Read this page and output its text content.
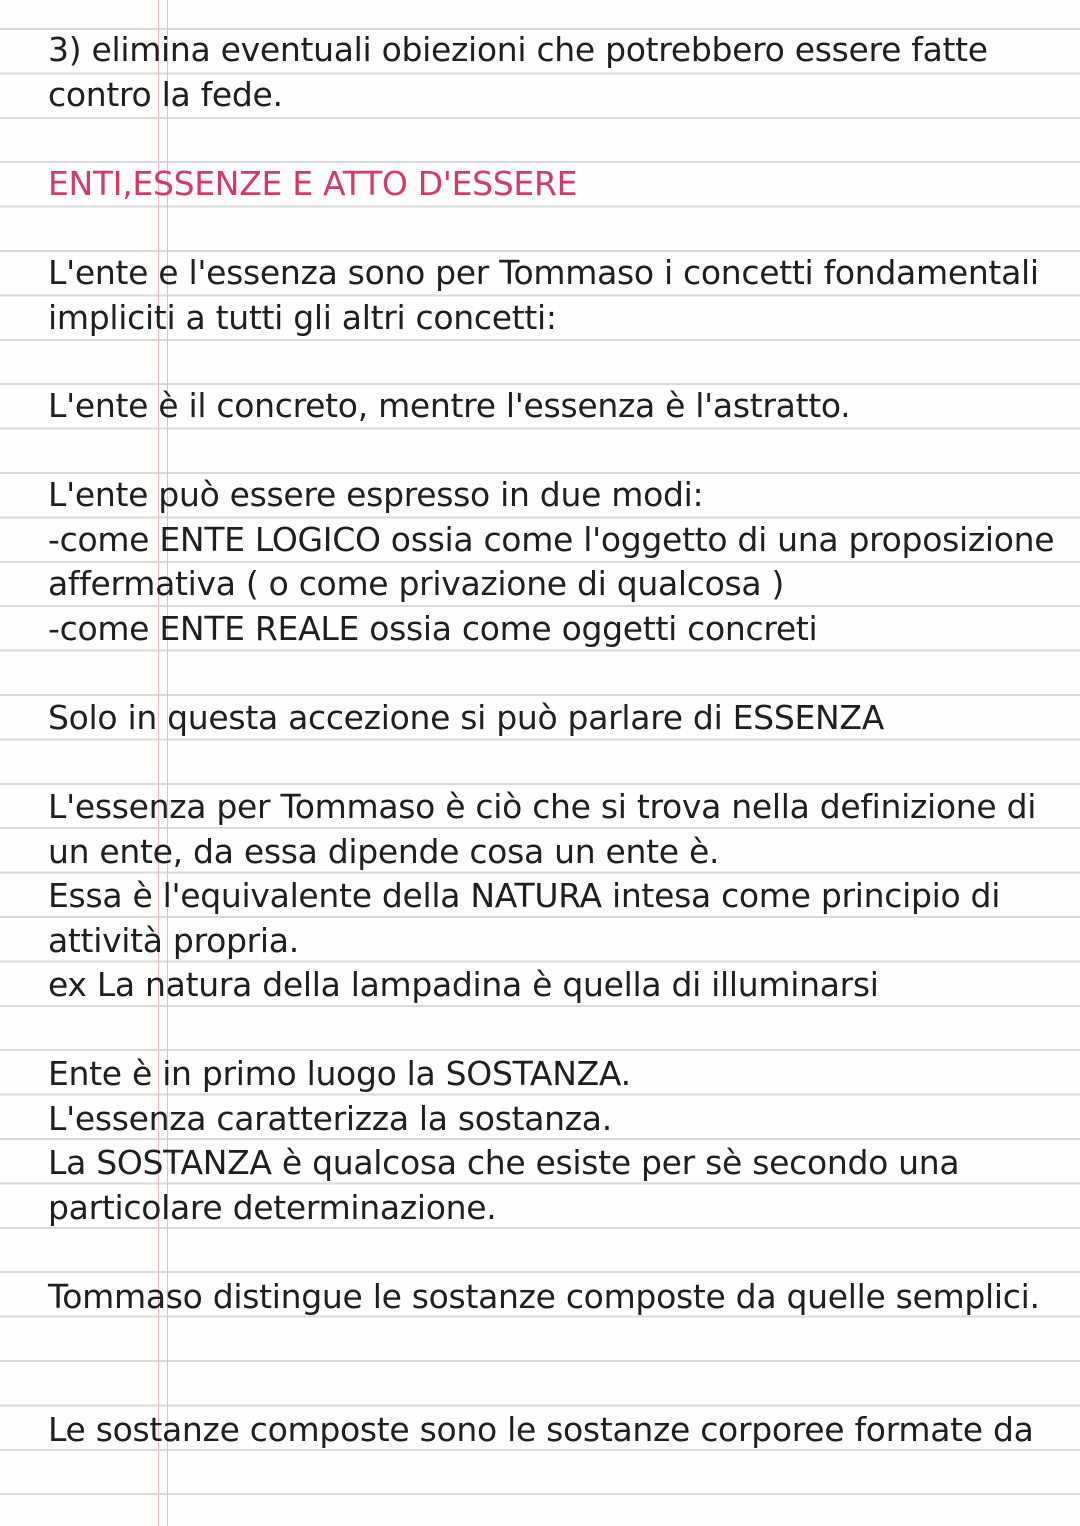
3) elimina eventuali obiezioni che potrebbero essere fatte
contro la fede.
ENTI,ESSENZE E ATTO D'ESSERE
L'ente e l'essenza sono per Tommaso i concetti fondamentali
impliciti a tutti gli altri concetti:
L'ente è il concreto, mentre l'essenza è l'astratto.
L'ente può essere espresso in due modi:
-come ENTE LOGICO ossia come l'oggetto di una proposizione
affermativa ( o come privazione di qualcosa )
-come ENTE REALE ossia come oggetti concreti
Solo in questa accezione si può parlare di ESSENZA
L'essenza per Tommaso è ciò che si trova nella definizione di
un ente, da essa dipende cosa un ente è.
Essa è l'equivalente della NATURA intesa come principio di
attività propria.
ex La natura della lampadina è quella di illuminarsi
Ente è in primo luogo la SOSTANZA.
L'essenza caratterizza la sostanza.
La SOSTANZA è qualcosa che esiste per sè secondo una
particolare determinazione.
Tommaso distingue le sostanze composte da quelle semplici.
Le sostanze composte sono le sostanze corporee formate da
